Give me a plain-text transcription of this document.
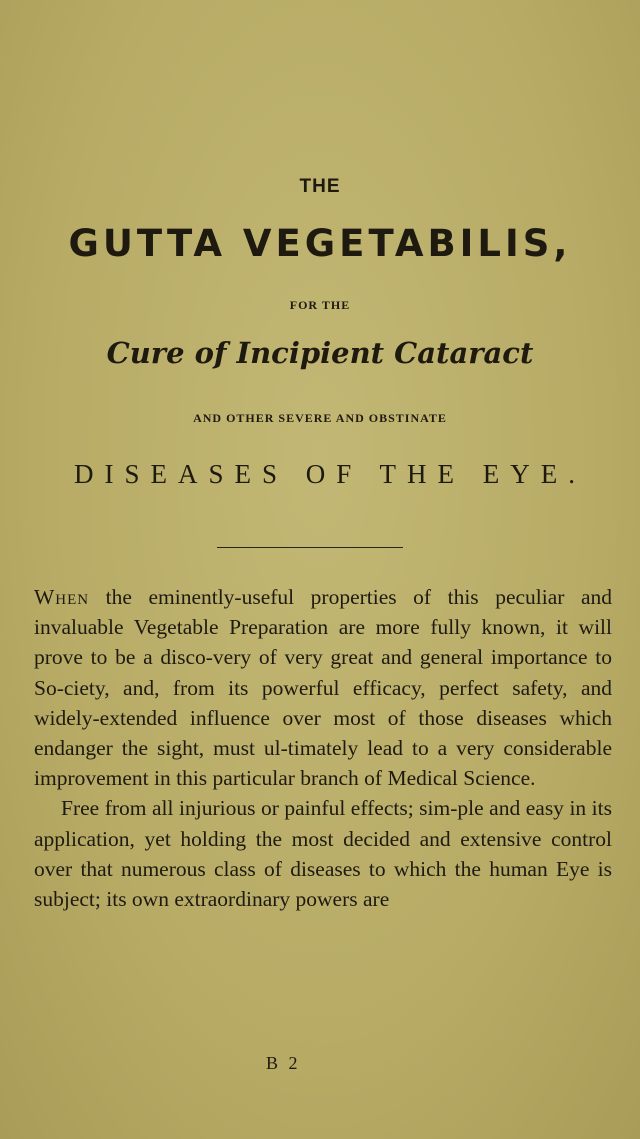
THE
GUTTA VEGETABILIS,
FOR THE
Cure of Incipient Cataract
AND OTHER SEVERE AND OBSTINATE
DISEASES OF THE EYE.

When the eminently-useful properties of this peculiar and invaluable Vegetable Preparation are more fully known, it will prove to be a disco-very of very great and general importance to So-ciety, and, from its powerful efficacy, perfect safety, and widely-extended influence over most of those diseases which endanger the sight, must ul-timately lead to a very considerable improvement in this particular branch of Medical Science.

Free from all injurious or painful effects; sim-ple and easy in its application, yet holding the most decided and extensive control over that numerous class of diseases to which the human Eye is subject; its own extraordinary powers are

B 2
